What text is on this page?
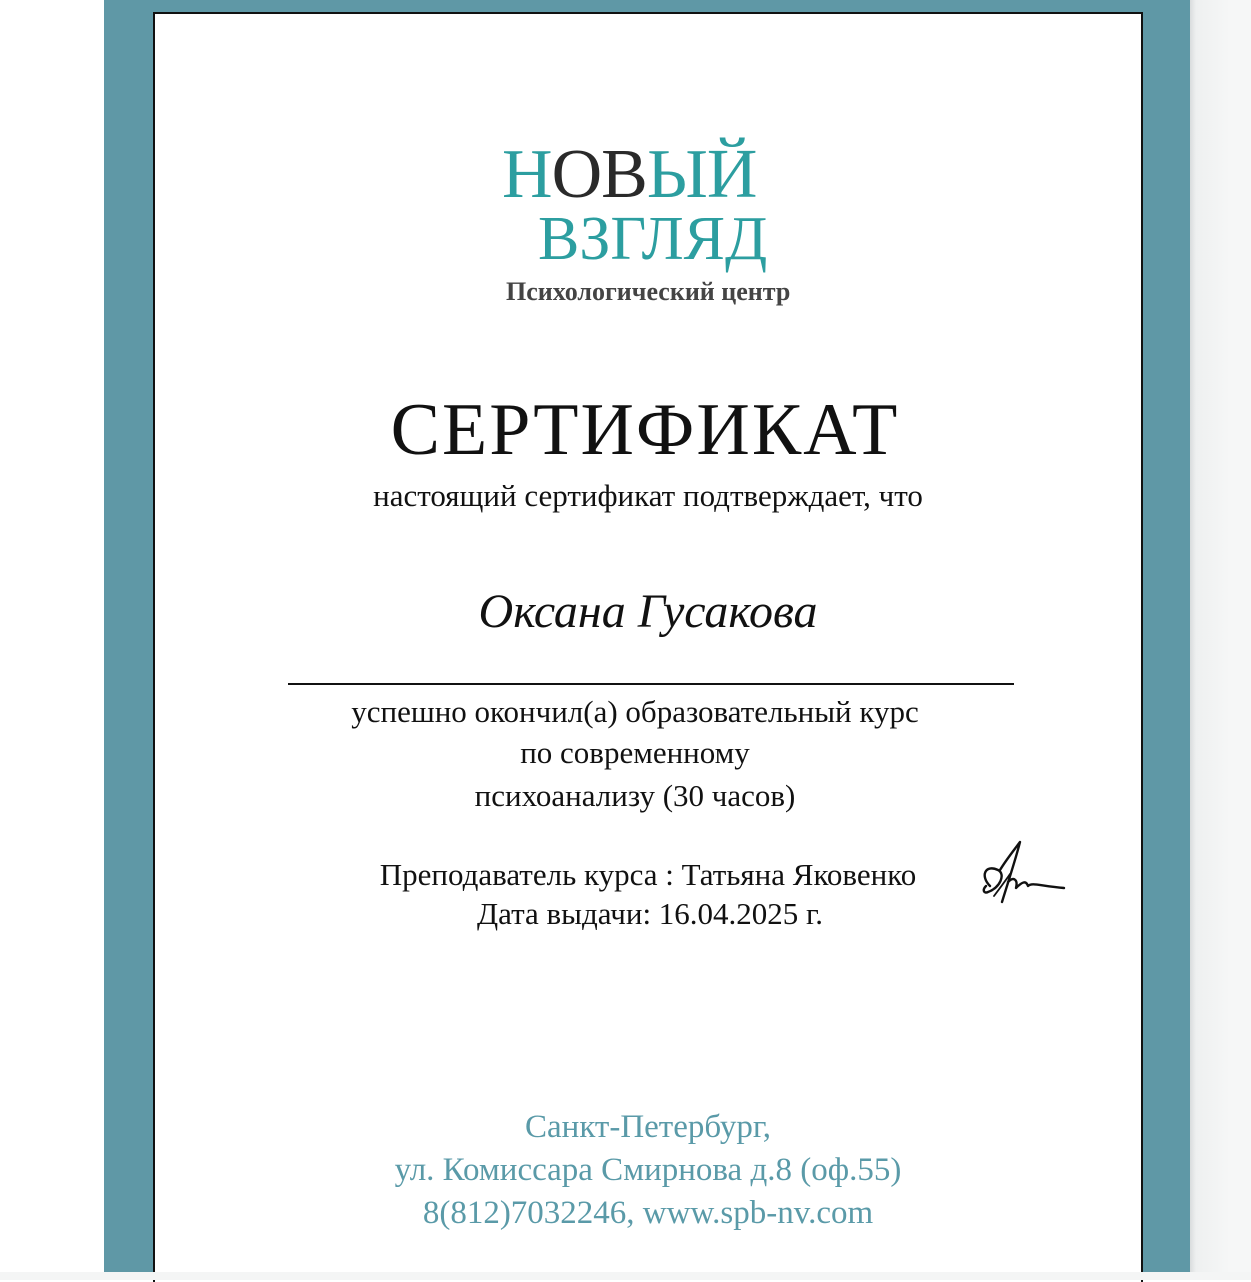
НОВЫЙ
ВЗГЛЯД
Психологический центр
СЕРТИФИКАТ
настоящий сертификат подтверждает, что
Оксана Гусакова
успешно окончил(а) образовательный курс
по современному
психоанализу (30 часов)
Преподаватель курса : Татьяна Яковенко
Дата выдачи: 16.04.2025 г.
Санкт-Петербург,
ул. Комиссара Смирнова д.8 (оф.55)
8(812)7032246, www.spb-nv.com
